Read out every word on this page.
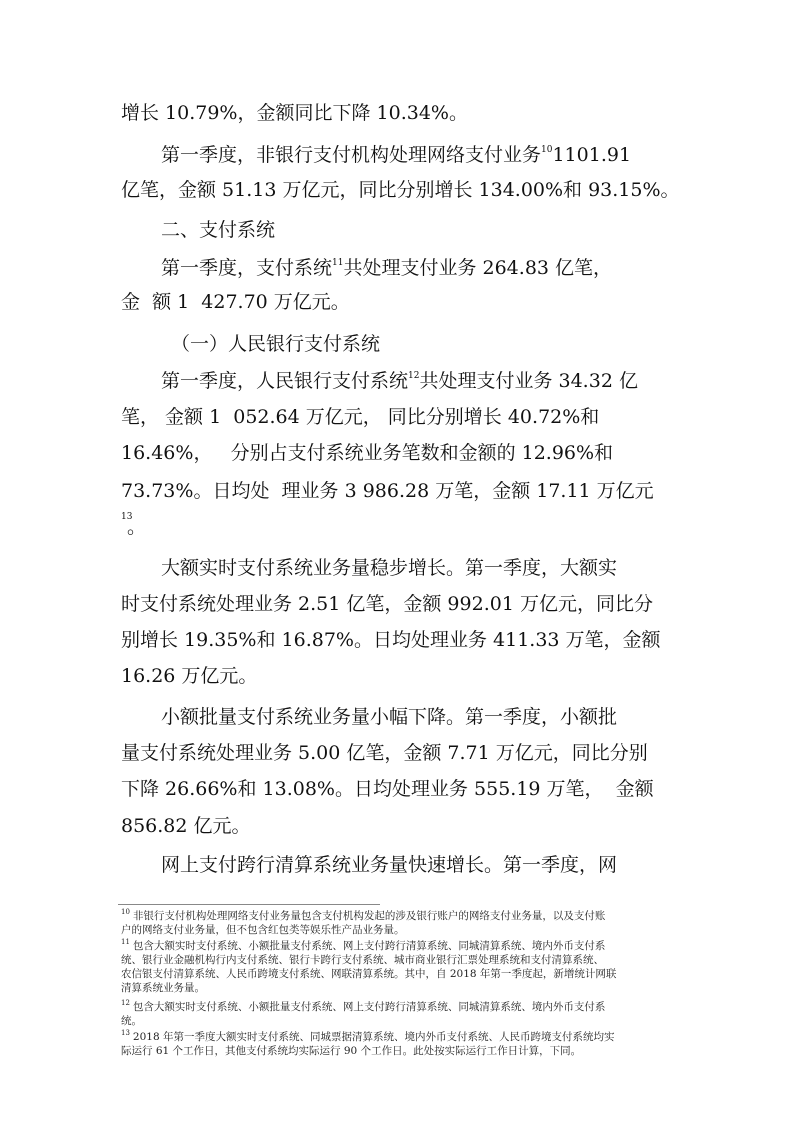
增长 10.79%，金额同比下降 10.34%。
第一季度，非银行支付机构处理网络支付业务$^{10}$1101.91
亿笔，金额 51.13 万亿元，同比分别增长 134.00%和 93.15%。
二、支付系统
第一季度，支付系统$^{11}$共处理支付业务 264.83 亿笔，
金  额 1  427.70 万亿元。
（一）人民银行支付系统
第一季度，人民银行支付系统$^{12}$共处理支付业务 34.32 亿
笔， 金额 1  052.64 万亿元， 同比分别增长 40.72%和
16.46%，   分别占支付系统业务笔数和金额的 12.96%和
73.73%。日均处  理业务 3 986.28 万笔，金额 17.11 万亿元
13
。
大额实时支付系统业务量稳步增长。第一季度，大额实
时支付系统处理业务 2.51 亿笔，金额 992.01 万亿元，同比分
别增长 19.35%和 16.87%。日均处理业务 411.33 万笔，金额
16.26 万亿元。
小额批量支付系统业务量小幅下降。第一季度，小额批
量支付系统处理业务 5.00 亿笔，金额 7.71 万亿元，同比分别
下降 26.66%和 13.08%。日均处理业务 555.19 万笔，  金额
856.82 亿元。
网上支付跨行清算系统业务量快速增长。第一季度，网
$^{10}$ 非银行支付机构处理网络支付业务量包含支付机构发起的涉及银行账户的网络支付业务量，以及支付账
户的网络支付业务量，但不包含红包类等娱乐性产品业务量。
$^{11}$ 包含大额实时支付系统、小额批量支付系统、网上支付跨行清算系统、同城清算系统、境内外币支付系
统、银行业金融机构行内支付系统、银行卡跨行支付系统、城市商业银行汇票处理系统和支付清算系统、
农信银支付清算系统、人民币跨境支付系统、网联清算系统。其中，自 2018 年第一季度起，新增统计网联
清算系统业务量。
$^{12}$ 包含大额实时支付系统、小额批量支付系统、网上支付跨行清算系统、同城清算系统、境内外币支付系
统。
$^{13}$ 2018 年第一季度大额实时支付系统、同城票据清算系统、境内外币支付系统、人民币跨境支付系统均实
际运行 61 个工作日，其他支付系统均实际运行 90 个工作日。此处按实际运行工作日计算，下同。
